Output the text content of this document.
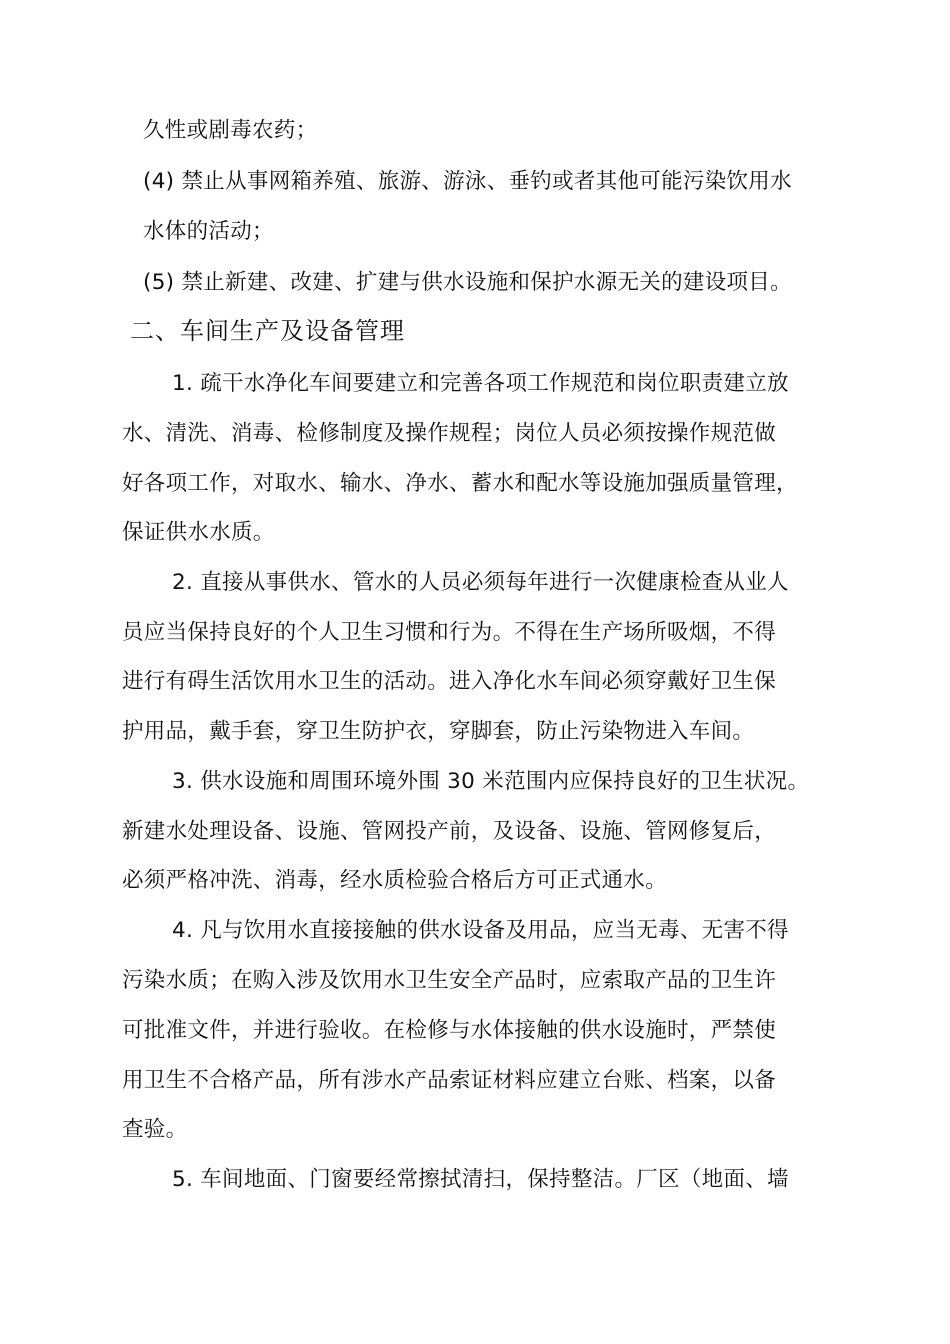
久性或剧毒农药；
(4) 禁止从事网箱养殖、旅游、游泳、垂钓或者其他可能污染饮用水
水体的活动；
(5) 禁止新建、改建、扩建与供水设施和保护水源无关的建设项目。
二、车间生产及设备管理
1. 疏干水净化车间要建立和完善各项工作规范和岗位职责建立放
水、清洗、消毒、检修制度及操作规程；岗位人员必须按操作规范做
好各项工作，对取水、输水、净水、蓄水和配水等设施加强质量管理，
保证供水水质。
2. 直接从事供水、管水的人员必须每年进行一次健康检查从业人
员应当保持良好的个人卫生习惯和行为。不得在生产场所吸烟，不得
进行有碍生活饮用水卫生的活动。进入净化水车间必须穿戴好卫生保
护用品，戴手套，穿卫生防护衣，穿脚套，防止污染物进入车间。
3. 供水设施和周围环境外围 30 米范围内应保持良好的卫生状况。
新建水处理设备、设施、管网投产前，及设备、设施、管网修复后，
必须严格冲洗、消毒，经水质检验合格后方可正式通水。
4. 凡与饮用水直接接触的供水设备及用品，应当无毒、无害不得
污染水质；在购入涉及饮用水卫生安全产品时，应索取产品的卫生许
可批准文件，并进行验收。在检修与水体接触的供水设施时，严禁使
用卫生不合格产品，所有涉水产品索证材料应建立台账、档案，以备
查验。
5. 车间地面、门窗要经常擦拭清扫，保持整洁。厂区（地面、墙
